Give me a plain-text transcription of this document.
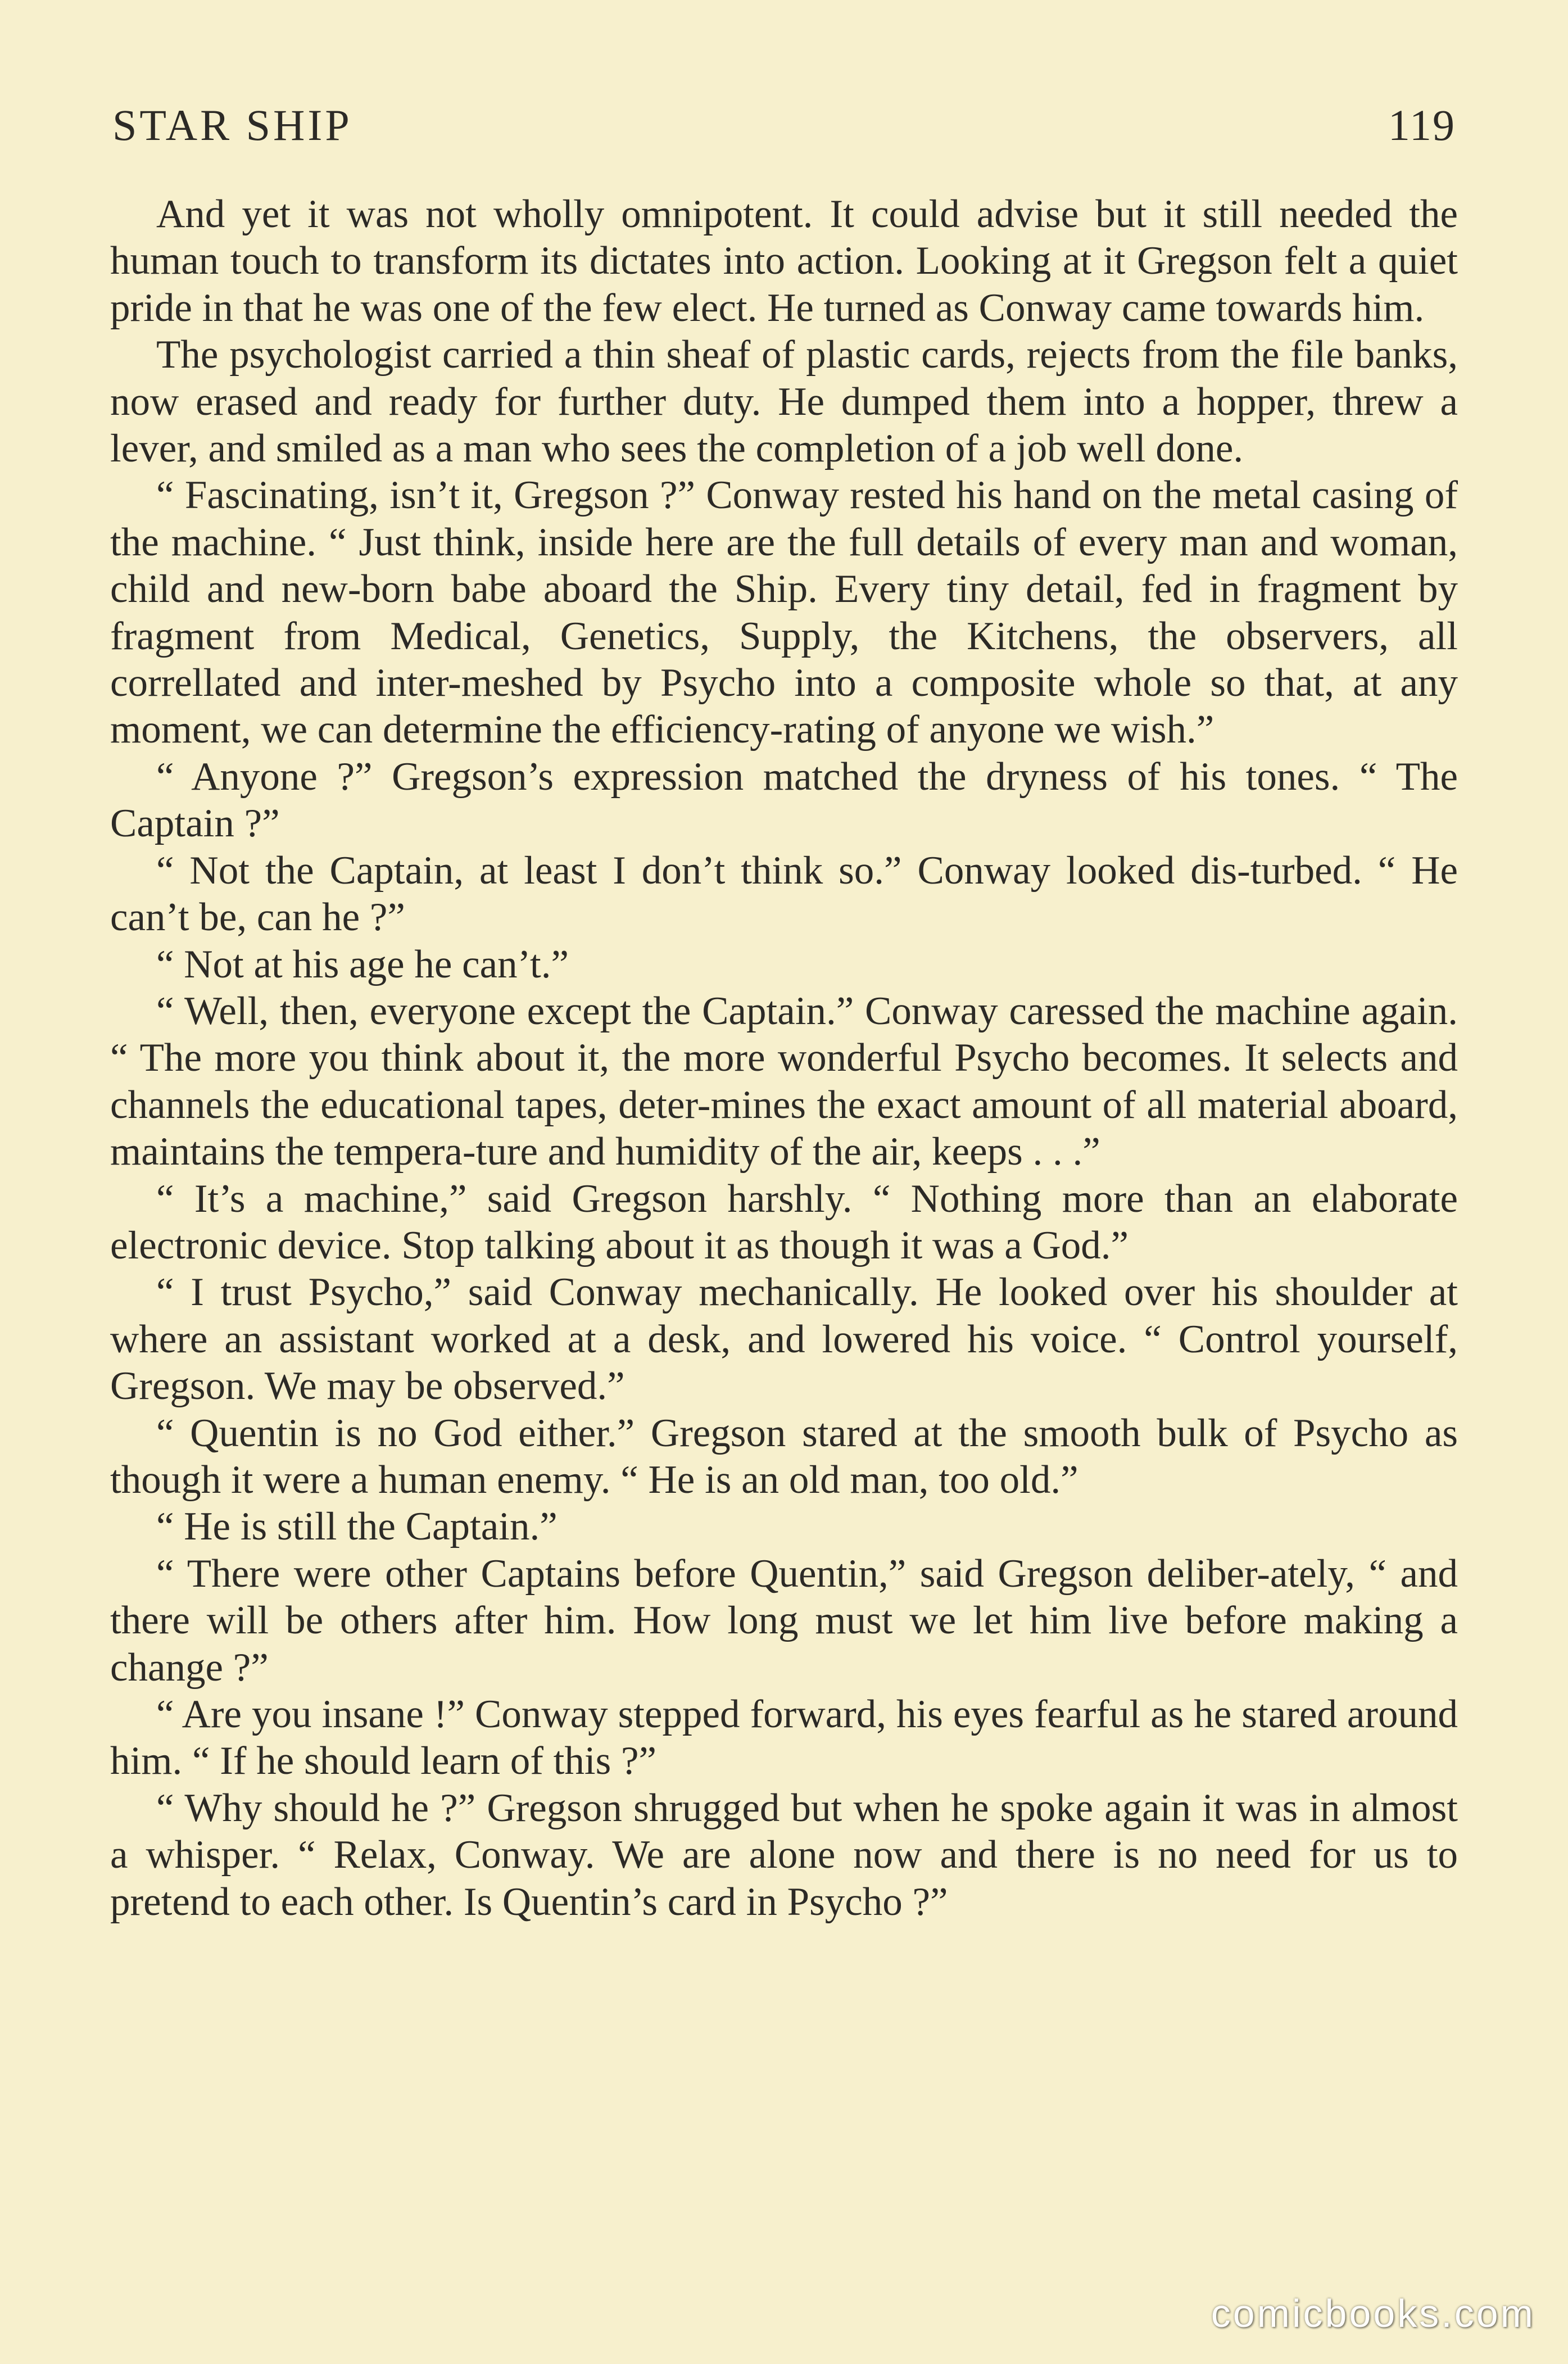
STAR SHIP	119

And yet it was not wholly omnipotent. It could advise but it still needed the human touch to transform its dictates into action. Looking at it Gregson felt a quiet pride in that he was one of the few elect. He turned as Conway came towards him.

The psychologist carried a thin sheaf of plastic cards, rejects from the file banks, now erased and ready for further duty. He dumped them into a hopper, threw a lever, and smiled as a man who sees the completion of a job well done.

“ Fascinating, isn’t it, Gregson ?” Conway rested his hand on the metal casing of the machine. “ Just think, inside here are the full details of every man and woman, child and new-born babe aboard the Ship. Every tiny detail, fed in fragment by fragment from Medical, Genetics, Supply, the Kitchens, the observers, all correllated and inter-meshed by Psycho into a composite whole so that, at any moment, we can determine the efficiency-rating of anyone we wish.”

“ Anyone ?” Gregson’s expression matched the dryness of his tones. “ The Captain ?”

“ Not the Captain, at least I don’t think so.” Conway looked dis-turbed. “ He can’t be, can he ?”

“ Not at his age he can’t.”

“ Well, then, everyone except the Captain.” Conway caressed the machine again. “ The more you think about it, the more wonderful Psycho becomes. It selects and channels the educational tapes, deter-mines the exact amount of all material aboard, maintains the tempera-ture and humidity of the air, keeps . . .”

“ It’s a machine,” said Gregson harshly. “ Nothing more than an elaborate electronic device. Stop talking about it as though it was a God.”

“ I trust Psycho,” said Conway mechanically. He looked over his shoulder at where an assistant worked at a desk, and lowered his voice. “ Control yourself, Gregson. We may be observed.”

“ Quentin is no God either.” Gregson stared at the smooth bulk of Psycho as though it were a human enemy. “ He is an old man, too old.”

“ He is still the Captain.”

“ There were other Captains before Quentin,” said Gregson deliber-ately, “ and there will be others after him. How long must we let him live before making a change ?”

“ Are you insane !” Conway stepped forward, his eyes fearful as he stared around him. “ If he should learn of this ?”

“ Why should he ?” Gregson shrugged but when he spoke again it was in almost a whisper. “ Relax, Conway. We are alone now and there is no need for us to pretend to each other. Is Quentin’s card in Psycho ?”

comicbooks.com
